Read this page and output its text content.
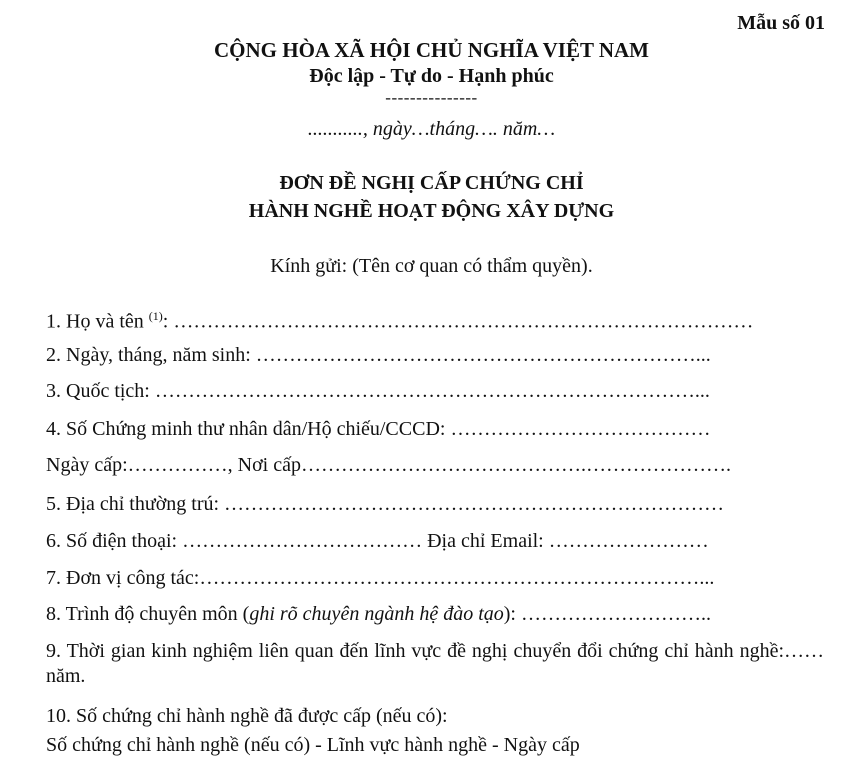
Mẫu số 01
CỘNG HÒA XÃ HỘI CHỦ NGHĨA VIỆT NAM
Độc lập - Tự do - Hạnh phúc
---------------
..........., ngày…tháng…. năm…
ĐƠN ĐỀ NGHỊ CẤP CHỨNG CHỈ
HÀNH NGHỀ HOẠT ĐỘNG XÂY DỰNG
Kính gửi: (Tên cơ quan có thẩm quyền).
1. Họ và tên $^{(1)}$: ……………………………………………………………………………
2. Ngày, tháng, năm sinh: …………………………………………………………...
3. Quốc tịch: ………………………………………………………………………...
4. Số Chứng minh thư nhân dân/Hộ chiếu/CCCD: …………………………………
Ngày cấp:……………, Nơi cấp…………………………………….………………….
5. Địa chỉ thường trú: …………………………………………………………………
6. Số điện thoại: ……………………………… Địa chỉ Email: ……………………
7. Đơn vị công tác:…………………………………………………………………...
8. Trình độ chuyên môn (ghi rõ chuyên ngành hệ đào tạo): ………………………..
9. Thời gian kinh nghiệm liên quan đến lĩnh vực đề nghị chuyển đổi chứng chỉ hành nghề:…… năm.
10. Số chứng chỉ hành nghề đã được cấp (nếu có):
Số chứng chỉ hành nghề (nếu có) - Lĩnh vực hành nghề - Ngày cấp
